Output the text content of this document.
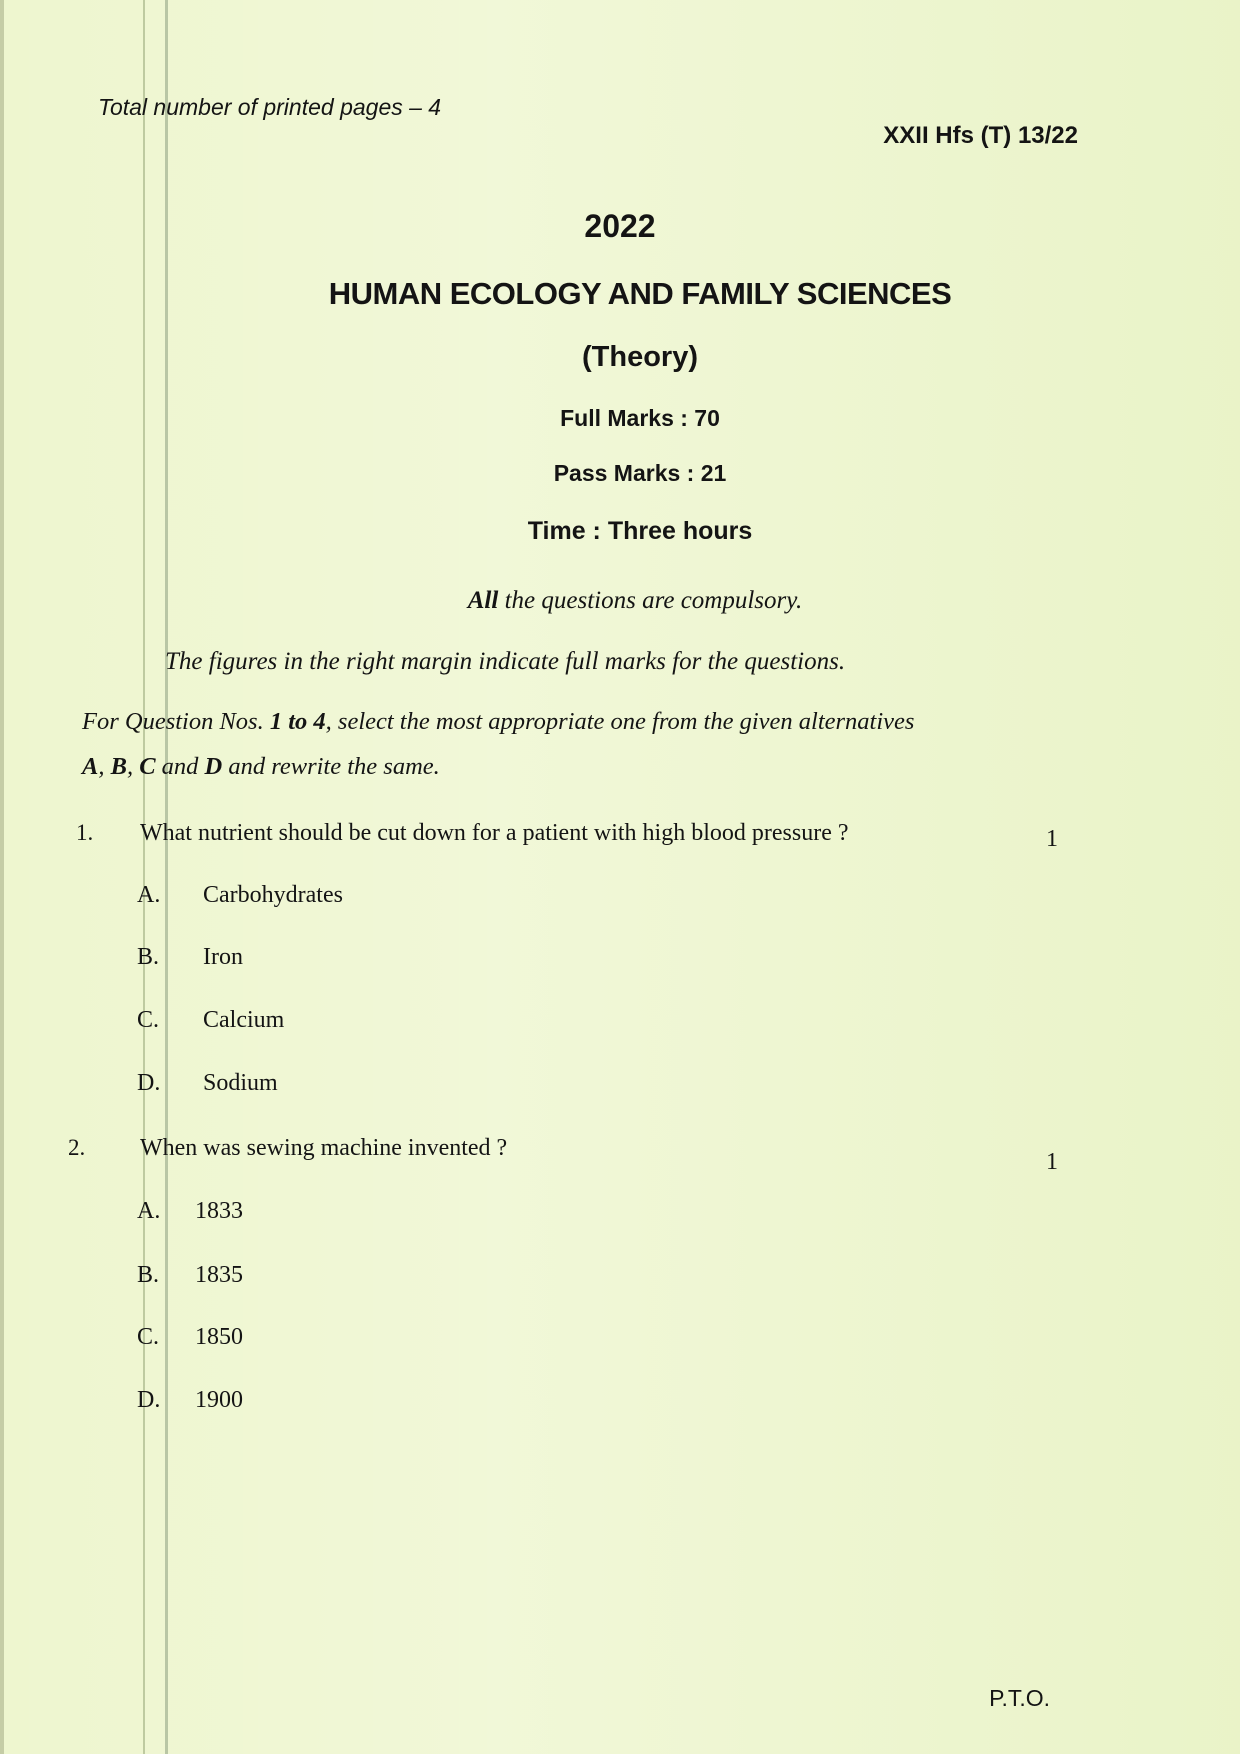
Total number of printed pages – 4
XXII Hfs (T) 13/22
2022
HUMAN ECOLOGY AND FAMILY SCIENCES
(Theory)
Full Marks : 70
Pass Marks : 21
Time : Three hours
All the questions are compulsory.
The figures in the right margin indicate full marks for the questions.
For Question Nos. 1 to 4, select the most appropriate one from the given alternatives
A, B, C and D and rewrite the same.
1. What nutrient should be cut down for a patient with high blood pressure ?	1
A. Carbohydrates
B. Iron
C. Calcium
D. Sodium
2. When was sewing machine invented ?
1
A. 1833
B. 1835
C. 1850
D. 1900
P.T.O.
